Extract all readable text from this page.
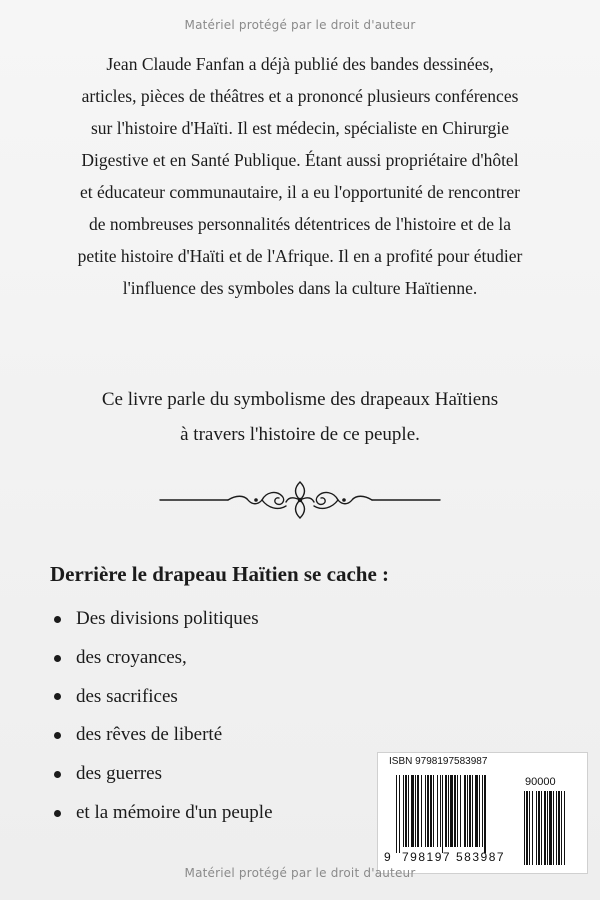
Matériel protégé par le droit d'auteur
Jean Claude Fanfan a déjà publié des bandes dessinées,
articles, pièces de théâtres et a prononcé plusieurs conférences
sur l'histoire d'Haïti. Il est médecin, spécialiste en Chirurgie
Digestive et en Santé Publique. Étant aussi propriétaire d'hôtel
et éducateur communautaire, il a eu l'opportunité de rencontrer
de nombreuses personnalités détentrices de l'histoire et de la
petite histoire d'Haïti et de l'Afrique. Il en a profité pour étudier
l'influence des symboles dans la culture Haïtienne.
Ce livre parle du symbolisme des drapeaux Haïtiens
à travers l'histoire de ce peuple.
Derrière le drapeau Haïtien se cache :
Des divisions politiques
des croyances,
des sacrifices
des rêves de liberté
des guerres
et la mémoire d'un peuple
ISBN 9798197583987
90000
9 798197 583987
Matériel protégé par le droit d'auteur
